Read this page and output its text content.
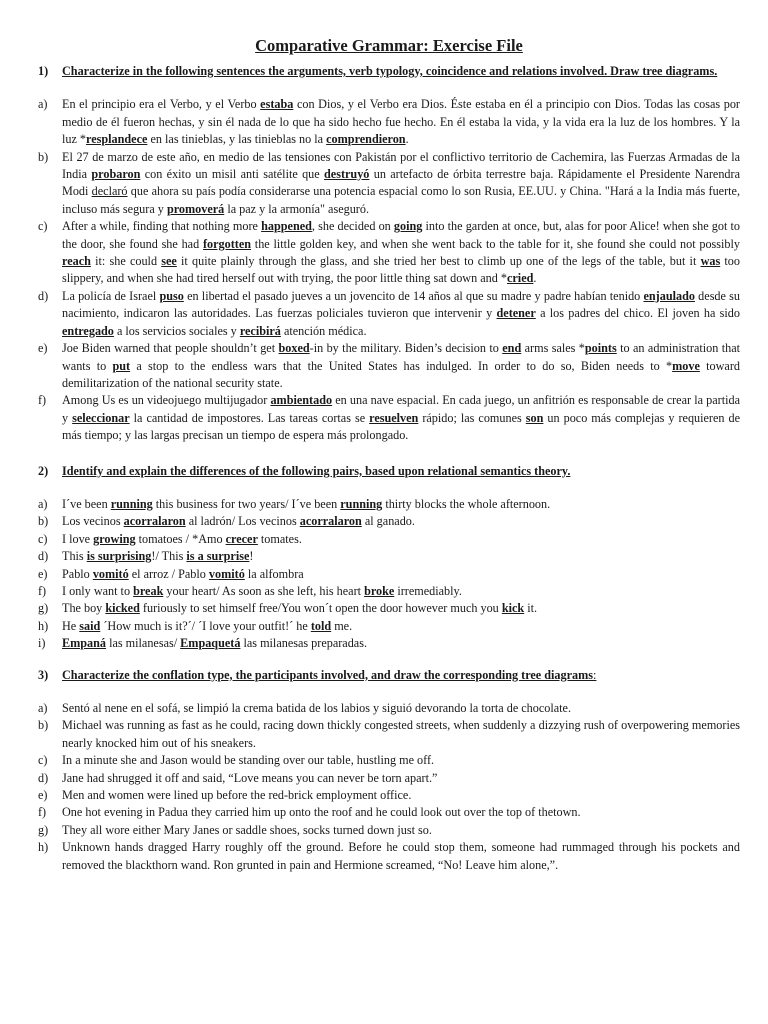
Comparative Grammar: Exercise File
1)	Characterize in the following sentences the arguments, verb typology, coincidence and relations involved. Draw tree diagrams.
a)	En el principio era el Verbo, y el Verbo estaba con Dios, y el Verbo era Dios. Éste estaba en él a principio con Dios. Todas las cosas por medio de él fueron hechas, y sin él nada de lo que ha sido hecho fue hecho. En él estaba la vida, y la vida era la luz de los hombres. Y la luz *resplandece en las tinieblas, y las tinieblas no la comprendieron.
b)	El 27 de marzo de este año, en medio de las tensiones con Pakistán por el conflictivo territorio de Cachemira, las Fuerzas Armadas de la India probaron con éxito un misil anti satélite que destruyó un artefacto de órbita terrestre baja. Rápidamente el Presidente Narendra Modi declaró que ahora su país podía considerarse una potencia espacial como lo son Rusia, EE.UU. y China. "Hará a la India más fuerte, incluso más segura y promoverá la paz y la armonía" aseguró.
c)	After a while, finding that nothing more happened, she decided on going into the garden at once, but, alas for poor Alice! when she got to the door, she found she had forgotten the little golden key, and when she went back to the table for it, she found she could not possibly reach it: she could see it quite plainly through the glass, and she tried her best to climb up one of the legs of the table, but it was too slippery, and when she had tired herself out with trying, the poor little thing sat down and *cried.
d)	La policía de Israel puso en libertad el pasado jueves a un jovencito de 14 años al que su madre y padre habían tenido enjaulado desde su nacimiento, indicaron las autoridades. Las fuerzas policiales tuvieron que intervenir y detener a los padres del chico. El joven ha sido entregado a los servicios sociales y recibirá atención médica.
e)	Joe Biden warned that people shouldn’t get boxed-in by the military. Biden’s decision to end arms sales *points to an administration that wants to put a stop to the endless wars that the United States has indulged. In order to do so, Biden needs to *move toward demilitarization of the national security state.
f)	Among Us es un videojuego multijugador ambientado en una nave espacial. En cada juego, un anfitrión es responsable de crear la partida y seleccionar la cantidad de impostores. Las tareas cortas se resuelven rápido; las comunes son un poco más complejas y requieren de más tiempo; y las largas precisan un tiempo de espera más prolongado.
2)	Identify and explain the differences of the following pairs, based upon relational semantics theory.
a)	I´ve been running this business for two years/ I´ve been running thirty blocks the whole afternoon.
b)	Los vecinos acorralaron al ladrón/ Los vecinos acorralaron al ganado.
c)	I love growing tomatoes / *Amo crecer tomates.
d)	This is surprising!/ This is a surprise!
e)	Pablo vomitó el arroz / Pablo vomitó la alfombra
f)	I only want to break your heart/ As soon as she left, his heart broke irremediably.
g)	The boy kicked furiously to set himself free/You won´t open the door however much you kick it.
h)	He said ´How much is it?´/ ´I love your outfit!´ he told me.
i)	Empaná las milanesas/ Empaquetá las milanesas preparadas.
3)	Characterize the conflation type, the participants involved, and draw the corresponding tree diagrams:
a)	Sentó al nene en el sofá, se limpió la crema batida de los labios y siguió devorando la torta de chocolate.
b)	Michael was running as fast as he could, racing down thickly congested streets, when suddenly a dizzying rush of overpowering memories nearly knocked him out of his sneakers.
c)	In a minute she and Jason would be standing over our table, hustling me off.
d)	Jane had shrugged it off and said, “Love means you can never be torn apart.”
e)	Men and women were lined up before the red-brick employment office.
f)	One hot evening in Padua they carried him up onto the roof and he could look out over the top of thetown.
g)	They all wore either Mary Janes or saddle shoes, socks turned down just so.
h)	Unknown hands dragged Harry roughly off the ground. Before he could stop them, someone had rummaged through his pockets and removed the blackthorn wand. Ron grunted in pain and Hermione screamed, “No! Leave him alone,”.
